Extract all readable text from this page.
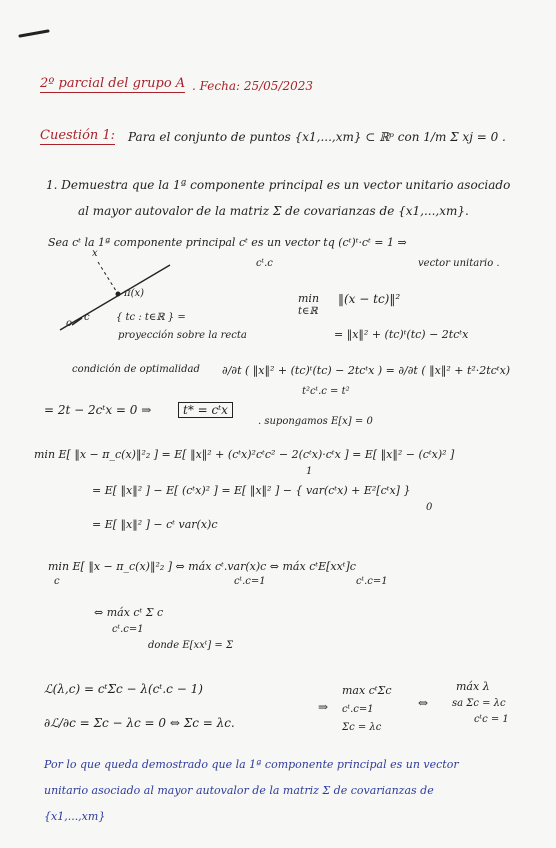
2º parcial del grupo A . Fecha: 25/05/2023
Cuestión 1: Para el conjunto de puntos {x1,...,xm} ⊂ ℝᵖ con 1/m Σ xj = 0 .
1. Demuestra que la 1ª componente principal es un vector unitario asociado
al mayor autovalor de la matriz Σ de covarianzas de {x1,...,xm}.
Sea cᵗ la 1ª componente principal cᵗ es un vector tq (cᵗ)ᵗ·cᵗ = 1 ⇒
cᵗ.c	vector unitario .
x
π(x)
o
c	{ tc : t∈ℝ } =
proyección sobre la recta
min
t∈ℝ
‖(x − tc)‖²
= ‖x‖² + (tc)ᵗ(tc) − 2tcᵗx
condición de optimalidad ∂/∂t ( ‖x‖² + (tc)ᵗ(tc) − 2tcᵗx ) = ∂/∂t ( ‖x‖² + t²·2tcᵗx)
t²cᵗ.c = t²
= 2t − 2cᵗx = 0 ⇒	t* = cᵗx
. supongamos E[x] = 0
min E[ ‖x − π_c(x)‖²₂ ] = E[ ‖x‖² + (cᵗx)²cᵗc² − 2(cᵗx)·cᵗx ] = E[ ‖x‖² − (cᵗx)² ]
1
= E[ ‖x‖² ] − E[ (cᵗx)² ] = E[ ‖x‖² ] − { var(cᵗx) + E²[cᵗx] }
0
= E[ ‖x‖² ] − cᵗ var(x)c
min E[ ‖x − π_c(x)‖²₂ ] ⇔ máx cᵗ.var(x)c ⇔ máx cᵗE[xxᵗ]c
c	cᵗ.c=1	cᵗ.c=1
⇔ máx cᵗ Σ c
cᵗ.c=1
donde E[xxᵗ] = Σ
ℒ(λ,c) = cᵗΣc − λ(cᵗ.c − 1)
∂ℒ/∂c = Σc − λc = 0 ⇔ Σc = λc.
⇒
max cᵗΣc
cᵗ.c=1
Σc = λc
⇔
máx λ
sa Σc = λc
cᵗc = 1
Por lo que queda demostrado que la 1ª componente principal es un vector
unitario asociado al mayor autovalor de la matriz Σ de covarianzas de
{x1,...,xm}
